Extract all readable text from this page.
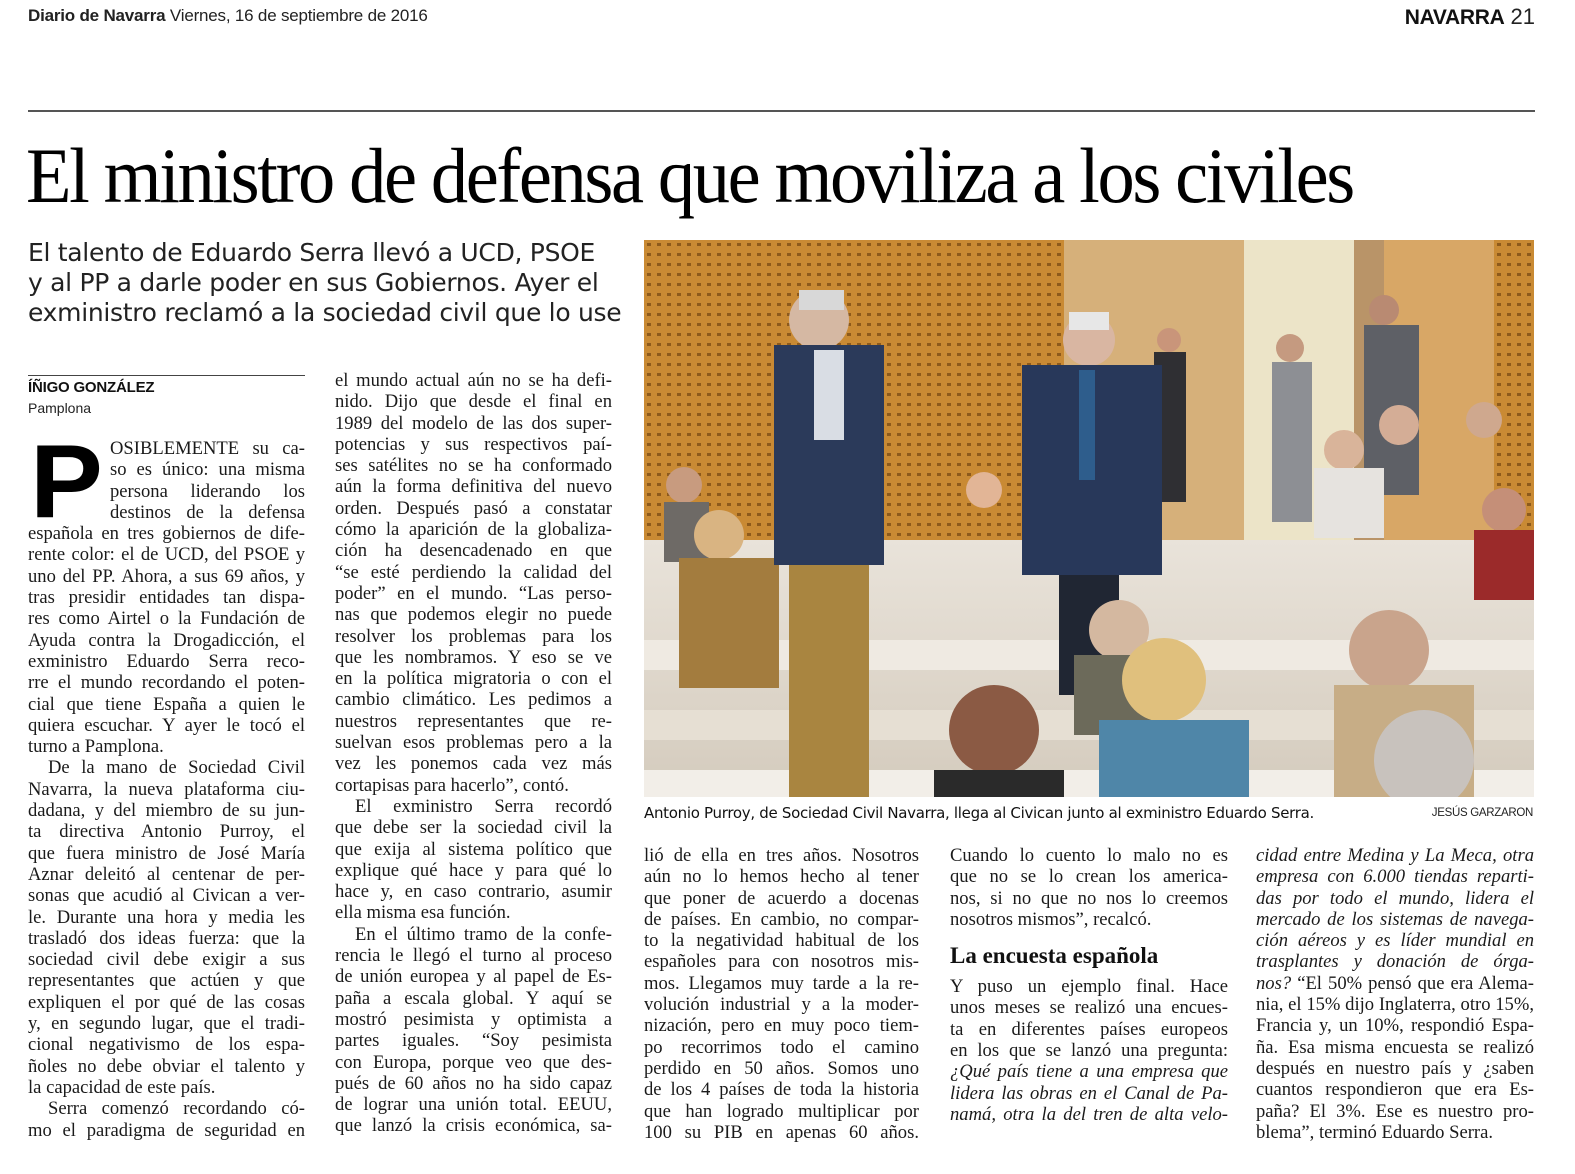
Diario de Navarra Viernes, 16 de septiembre de 2016	NAVARRA 21
El ministro de defensa que moviliza a los civiles
El talento de Eduardo Serra llevó a UCD, PSOE
y al PP a darle poder en sus Gobiernos. Ayer el
exministro reclamó a la sociedad civil que lo use
ÍÑIGO GONZÁLEZ
Pamplona
P OSIBLEMENTE su ca-
so es único: una misma
persona liderando los
destinos de la defensa
española en tres gobiernos de dife-
rente color: el de UCD, del PSOE y
uno del PP. Ahora, a sus 69 años, y
tras presidir entidades tan dispa-
res como Airtel o la Fundación de
Ayuda contra la Drogadicción, el
exministro Eduardo Serra reco-
rre el mundo recordando el poten-
cial que tiene España a quien le
quiera escuchar. Y ayer le tocó el
turno a Pamplona.
De la mano de Sociedad Civil
Navarra, la nueva plataforma ciu-
dadana, y del miembro de su jun-
ta directiva Antonio Purroy, el
que fuera ministro de José María
Aznar deleitó al centenar de per-
sonas que acudió al Civican a ver-
le. Durante una hora y media les
trasladó dos ideas fuerza: que la
sociedad civil debe exigir a sus
representantes que actúen y que
expliquen el por qué de las cosas
y, en segundo lugar, que el tradi-
cional negativismo de los espa-
ñoles no debe obviar el talento y
la capacidad de este país.
Serra comenzó recordando có-
mo el paradigma de seguridad en
el mundo actual aún no se ha defi-
nido. Dijo que desde el final en
1989 del modelo de las dos super-
potencias y sus respectivos paí-
ses satélites no se ha conformado
aún la forma definitiva del nuevo
orden. Después pasó a constatar
cómo la aparición de la globaliza-
ción ha desencadenado en que
“se esté perdiendo la calidad del
poder” en el mundo. “Las perso-
nas que podemos elegir no puede
resolver los problemas para los
que les nombramos. Y eso se ve
en la política migratoria o con el
cambio climático. Les pedimos a
nuestros representantes que re-
suelvan esos problemas pero a la
vez les ponemos cada vez más
cortapisas para hacerlo”, contó.
El exministro Serra recordó
que debe ser la sociedad civil la
que exija al sistema político que
explique qué hace y para qué lo
hace y, en caso contrario, asumir
ella misma esa función.
En el último tramo de la confe-
rencia le llegó el turno al proceso
de unión europea y al papel de Es-
paña a escala global. Y aquí se
mostró pesimista y optimista a
partes iguales. “Soy pesimista
con Europa, porque veo que des-
pués de 60 años no ha sido capaz
de lograr una unión total. EEUU,
que lanzó la crisis económica, sa-
Antonio Purroy, de Sociedad Civil Navarra, llega al Civican junto al exministro Eduardo Serra.	JESÚS GARZARON
lió de ella en tres años. Nosotros
aún no lo hemos hecho al tener
que poner de acuerdo a docenas
de países. En cambio, no compar-
to la negatividad habitual de los
españoles para con nosotros mis-
mos. Llegamos muy tarde a la re-
volución industrial y a la moder-
nización, pero en muy poco tiem-
po recorrimos todo el camino
perdido en 50 años. Somos uno
de los 4 países de toda la historia
que han logrado multiplicar por
100 su PIB en apenas 60 años.
Cuando lo cuento lo malo no es
que no se lo crean los america-
nos, si no que no nos lo creemos
nosotros mismos”, recalcó.
La encuesta española
Y puso un ejemplo final. Hace
unos meses se realizó una encues-
ta en diferentes países europeos
en los que se lanzó una pregunta:
¿Qué país tiene a una empresa que
lidera las obras en el Canal de Pa-
namá, otra la del tren de alta velo-
cidad entre Medina y La Meca, otra
empresa con 6.000 tiendas reparti-
das por todo el mundo, lidera el
mercado de los sistemas de navega-
ción aéreos y es líder mundial en
trasplantes y donación de órga-
nos? “El 50% pensó que era Alema-
nia, el 15% dijo Inglaterra, otro 15%,
Francia y, un 10%, respondió Espa-
ña. Esa misma encuesta se realizó
después en nuestro país y ¿saben
cuantos respondieron que era Es-
paña? El 3%. Ese es nuestro pro-
blema”, terminó Eduardo Serra.
